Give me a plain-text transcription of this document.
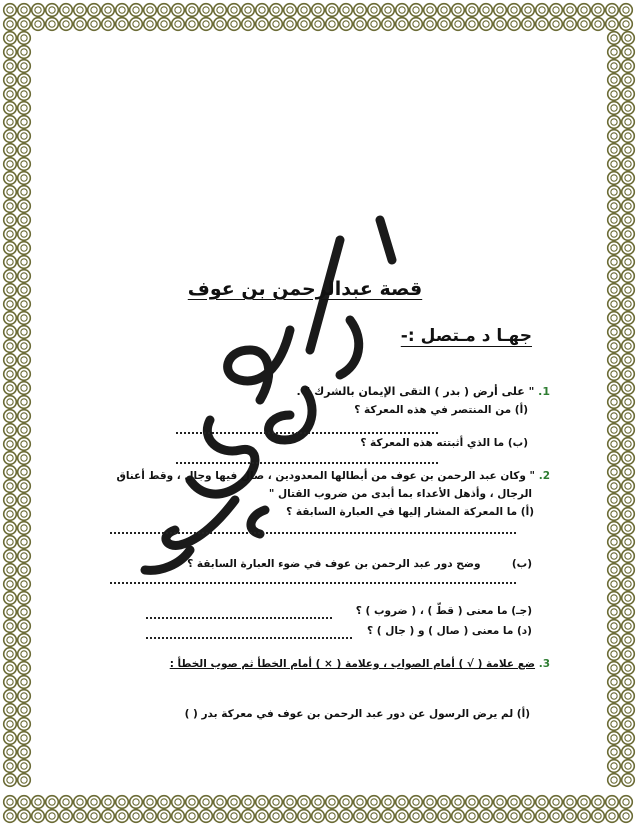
قصة عبدالرحمن بن عوف
جهـا د مـتصل :-
1. " على أرض ( بدر ) التقى الإيمان بالشرك " .
(أ) من المنتصر في هذه المعركة ؟
(ب) ما الذي أثبتته هذه المعركة ؟
2. " وكان عبد الرحمن بن عوف من أبطالها المعدودين ، صال فيها وجال ، وقط أعناق
الرجال ، وأذهل الأعداء بما أبدى من ضروب القتال "
(أ) ما المعركة المشار إليها في العبارة السابقة ؟
(ب)  وضح دور عبد الرحمن بن عوف في ضوء العبارة السابقة ؟
(جـ) ما معنى ( قطّ ) ، ( ضروب ) ؟
(د) ما معنى ( صال ) و ( جال ) ؟
3. ضع علامة ( √ ) أمام الصواب ، وعلامة ( × ) أمام الخطأ ثم صوب الخطأ :
(أ) لم يرض الرسول عن دور عبد الرحمن بن عوف في معركة بدر ( )
